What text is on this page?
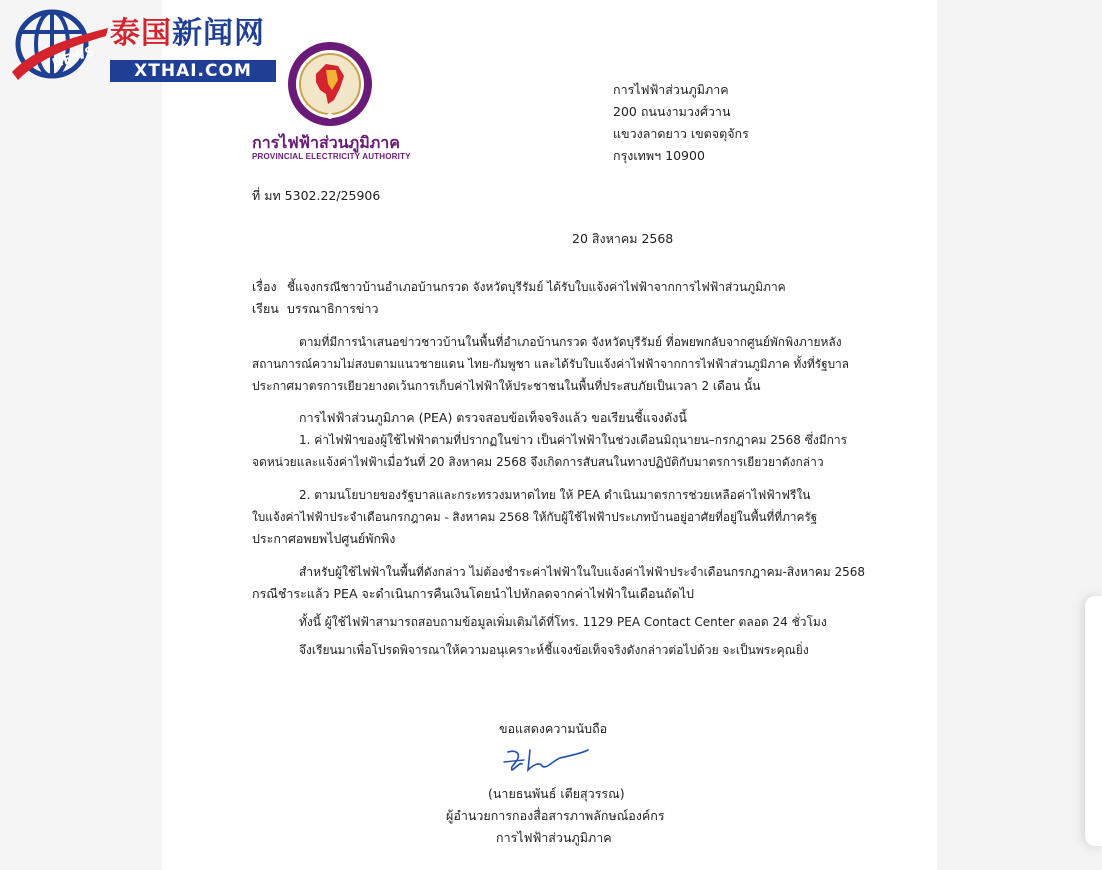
NEWS
泰国新闻网
XTHAI.COM
การไฟฟ้าส่วนภูมิภาค
PROVINCIAL ELECTRICITY AUTHORITY
การไฟฟ้าส่วนภูมิภาค
200 ถนนงามวงศ์วาน
แขวงลาดยาว เขตจตุจักร
กรุงเทพฯ 10900
ที่ มท 5302.22/25906
20 สิงหาคม 2568
เรื่อง ชี้แจงกรณีชาวบ้านอำเภอบ้านกรวด จังหวัดบุรีรัมย์ ได้รับใบแจ้งค่าไฟฟ้าจากการไฟฟ้าส่วนภูมิภาค
เรียน บรรณาธิการข่าว
ตามที่มีการนำเสนอข่าวชาวบ้านในพื้นที่อำเภอบ้านกรวด จังหวัดบุรีรัมย์ ที่อพยพกลับจากศูนย์พักพิงภายหลัง
สถานการณ์ความไม่สงบตามแนวชายแดน ไทย-กัมพูชา และได้รับใบแจ้งค่าไฟฟ้าจากการไฟฟ้าส่วนภูมิภาค ทั้งที่รัฐบาล
ประกาศมาตรการเยียวยางดเว้นการเก็บค่าไฟฟ้าให้ประชาชนในพื้นที่ประสบภัยเป็นเวลา 2 เดือน นั้น
การไฟฟ้าส่วนภูมิภาค (PEA) ตรวจสอบข้อเท็จจริงแล้ว ขอเรียนชี้แจงดังนี้
1. ค่าไฟฟ้าของผู้ใช้ไฟฟ้าตามที่ปรากฏในข่าว เป็นค่าไฟฟ้าในช่วงเดือนมิถุนายน–กรกฎาคม 2568 ซึ่งมีการ
จดหน่วยและแจ้งค่าไฟฟ้าเมื่อวันที่ 20 สิงหาคม 2568 จึงเกิดการสับสนในทางปฏิบัติกับมาตรการเยียวยาดังกล่าว
2. ตามนโยบายของรัฐบาลและกระทรวงมหาดไทย ให้ PEA ดำเนินมาตรการช่วยเหลือค่าไฟฟ้าฟรีใน
ใบแจ้งค่าไฟฟ้าประจำเดือนกรกฎาคม - สิงหาคม 2568 ให้กับผู้ใช้ไฟฟ้าประเภทบ้านอยู่อาศัยที่อยู่ในพื้นที่ที่ภาครัฐ
ประกาศอพยพไปศูนย์พักพิง
สำหรับผู้ใช้ไฟฟ้าในพื้นที่ดังกล่าว ไม่ต้องชำระค่าไฟฟ้าในใบแจ้งค่าไฟฟ้าประจำเดือนกรกฎาคม-สิงหาคม 2568
กรณีชำระแล้ว PEA จะดำเนินการคืนเงินโดยนำไปหักลดจากค่าไฟฟ้าในเดือนถัดไป
ทั้งนี้ ผู้ใช้ไฟฟ้าสามารถสอบถามข้อมูลเพิ่มเติมได้ที่โทร. 1129 PEA Contact Center ตลอด 24 ชั่วโมง
จึงเรียนมาเพื่อโปรดพิจารณาให้ความอนุเคราะห์ชี้แจงข้อเท็จจริงดังกล่าวต่อไปด้วย จะเป็นพระคุณยิ่ง
ขอแสดงความนับถือ
(นายธนพันธ์ เตียสุวรรณ)
ผู้อำนวยการกองสื่อสารภาพลักษณ์องค์กร
การไฟฟ้าส่วนภูมิภาค
